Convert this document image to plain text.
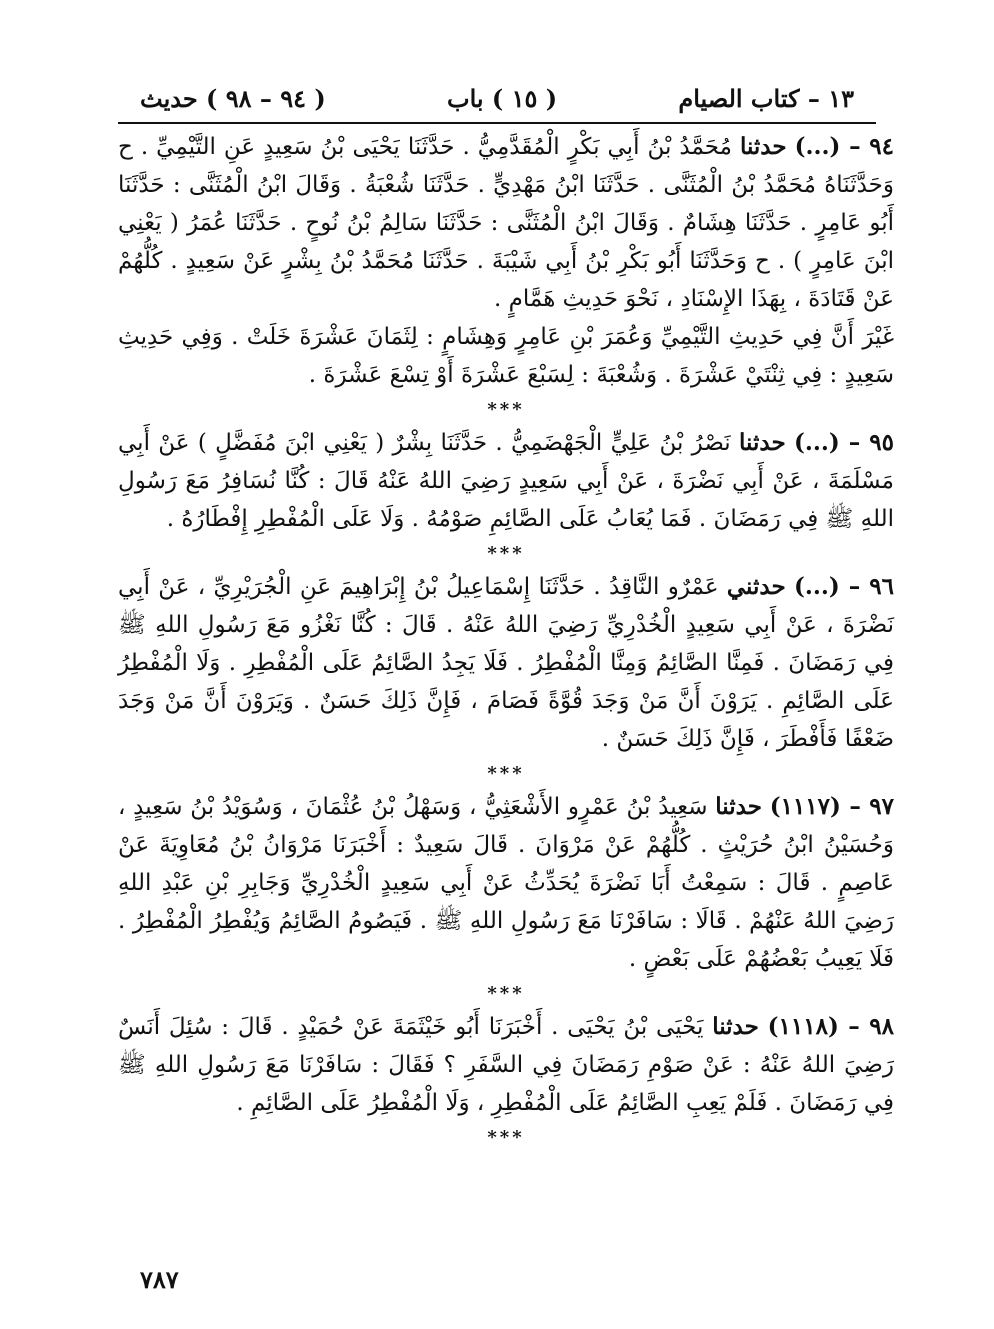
١٣ – كتاب الصيام
( ١٥ ) باب
( ٩٤ – ٩٨ ) حديث

٩٤ – (...) حدثنا مُحَمَّدُ بْنُ أَبِي بَكْرٍ الْمُقَدَّمِيُّ . حَدَّثَنَا يَحْيَى بْنُ سَعِيدٍ عَنِ التَّيْمِيِّ . ح وَحَدَّثَنَاهُ مُحَمَّدُ بْنُ الْمُثَنَّى . حَدَّثَنَا ابْنُ مَهْدِيٍّ . حَدَّثَنَا شُعْبَةُ . وَقَالَ ابْنُ الْمُثَنَّى : حَدَّثَنَا أَبُو عَامِرٍ . حَدَّثَنَا هِشَامٌ . وَقَالَ ابْنُ الْمُثَنَّى : حَدَّثَنَا سَالِمُ بْنُ نُوحٍ . حَدَّثَنَا عُمَرُ ( يَعْنِي ابْنَ عَامِرٍ ) . ح وَحَدَّثَنَا أَبُو بَكْرِ بْنُ أَبِي شَيْبَةَ . حَدَّثَنَا مُحَمَّدُ بْنُ بِشْرٍ عَنْ سَعِيدٍ . كُلُّهُمْ عَنْ قَتَادَةَ ، بِهَذَا الإِسْنَادِ ، نَحْوَ حَدِيثِ هَمَّامٍ .

غَيْرَ أَنَّ فِي حَدِيثِ التَّيْمِيِّ وَعُمَرَ بْنِ عَامِرٍ وَهِشَامٍ : لِثَمَانَ عَشْرَةَ خَلَتْ . وَفِي حَدِيثِ سَعِيدٍ : فِي ثِنْتَيْ عَشْرَةَ . وَشُعْبَةَ : لِسَبْعَ عَشْرَةَ أَوْ تِسْعَ عَشْرَةَ .

***

٩٥ – (...) حدثنا نَصْرُ بْنُ عَلِيٍّ الْجَهْضَمِيُّ . حَدَّثَنَا بِشْرٌ ( يَعْنِي ابْنَ مُفَضَّلٍ ) عَنْ أَبِي مَسْلَمَةَ ، عَنْ أَبِي نَضْرَةَ ، عَنْ أَبِي سَعِيدٍ رَضِيَ اللهُ عَنْهُ قَالَ : كُنَّا نُسَافِرُ مَعَ رَسُولِ اللهِ ﷺ فِي رَمَضَانَ . فَمَا يُعَابُ عَلَى الصَّائِمِ صَوْمُهُ . وَلَا عَلَى الْمُفْطِرِ إِفْطَارُهُ .

***

٩٦ – (...) حدثني عَمْرٌو النَّاقِدُ . حَدَّثَنَا إِسْمَاعِيلُ بْنُ إِبْرَاهِيمَ عَنِ الْجُرَيْرِيِّ ، عَنْ أَبِي نَضْرَةَ ، عَنْ أَبِي سَعِيدٍ الْخُدْرِيِّ رَضِيَ اللهُ عَنْهُ . قَالَ : كُنَّا نَغْزُو مَعَ رَسُولِ اللهِ ﷺ فِي رَمَضَانَ . فَمِنَّا الصَّائِمُ وَمِنَّا الْمُفْطِرُ . فَلَا يَجِدُ الصَّائِمُ عَلَى الْمُفْطِرِ . وَلَا الْمُفْطِرُ عَلَى الصَّائِمِ . يَرَوْنَ أَنَّ مَنْ وَجَدَ قُوَّةً فَصَامَ ، فَإِنَّ ذَلِكَ حَسَنٌ . وَيَرَوْنَ أَنَّ مَنْ وَجَدَ ضَعْفًا فَأَفْطَرَ ، فَإِنَّ ذَلِكَ حَسَنٌ .

***

٩٧ – (١١١٧) حدثنا سَعِيدُ بْنُ عَمْرٍو الأَشْعَثِيُّ ، وَسَهْلُ بْنُ عُثْمَانَ ، وَسُوَيْدُ بْنُ سَعِيدٍ ، وَحُسَيْنُ ابْنُ حُرَيْثٍ . كُلُّهُمْ عَنْ مَرْوَانَ . قَالَ سَعِيدٌ : أَخْبَرَنَا مَرْوَانُ بْنُ مُعَاوِيَةَ عَنْ عَاصِمٍ . قَالَ : سَمِعْتُ أَبَا نَضْرَةَ يُحَدِّثُ عَنْ أَبِي سَعِيدٍ الْخُدْرِيِّ وَجَابِرِ بْنِ عَبْدِ اللهِ رَضِيَ اللهُ عَنْهُمْ . قَالَا : سَافَرْنَا مَعَ رَسُولِ اللهِ ﷺ . فَيَصُومُ الصَّائِمُ وَيُفْطِرُ الْمُفْطِرُ . فَلَا يَعِيبُ بَعْضُهُمْ عَلَى بَعْضٍ .

***

٩٨ – (١١١٨) حدثنا يَحْيَى بْنُ يَحْيَى . أَخْبَرَنَا أَبُو خَيْثَمَةَ عَنْ حُمَيْدٍ . قَالَ : سُئِلَ أَنَسٌ رَضِيَ اللهُ عَنْهُ : عَنْ صَوْمِ رَمَضَانَ فِي السَّفَرِ ؟ فَقَالَ : سَافَرْنَا مَعَ رَسُولِ اللهِ ﷺ فِي رَمَضَانَ . فَلَمْ يَعِبِ الصَّائِمُ عَلَى الْمُفْطِرِ ، وَلَا الْمُفْطِرُ عَلَى الصَّائِمِ .

***
٧٨٧
